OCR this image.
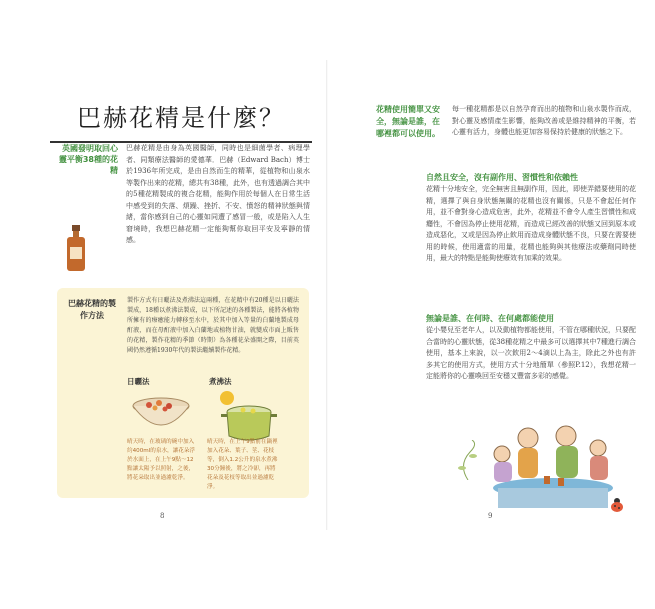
巴赫花精是什麼？
英國發明取回心靈平衡38種的花精
巴赫花精是由身為英國醫師，同時也是細菌學者、病理學者、同類療法醫師的愛德華．巴赫（Edward Bach）博士於1936年所完成，是由自然而生的精華，從植物和山泉水等製作出來的花精，總共有38種，此外，也有透過調合其中的5種花精製成的複合花精，能夠作用於每個人在日常生活中感受到的失落、煩躁、挫折、不安、憤怒的精神狀態與情緒，當你感到自己的心靈如同遭了感冒一般，或是陷入人生窘境時，我想巴赫花精一定能夠幫你取回平安及寧靜的情感。
巴赫花精的製作方法
製作方式有日曬法及煮沸法這兩種，在花精中有20種是以日曬法製成，18種以煮沸法製成，以下所記述的各種製法，能將各植物所擁有的療癒能力轉移至水中，於其中加入等量的白蘭地製成母酊液，而在母酊液中加入白蘭地或植物甘油，就變成市面上販售的花精，製作花精的季節（時期）為各種花朵盛開之際，目前英國仍然遵循1930年代的製法繼續製作花精。
日曬法	煮沸法
晴天時，在玻璃的碗中加入約400ml的泉水，讓花朵浮於水面上，在上午9點～12點讓太陽予以照射，之後，將花朵取出並過濾乾淨。
晴天時，在上午9點前在鍋裡加入花朵、葉子、莖、花枝等，倒入1.2公升的泉水煮沸30分鐘後，將之冷卻，再將花朵及花枝等取出並過濾乾淨。
8
花精使用簡單又安全，無論是誰，在哪裡都可以使用。
每一種花精都是以自然孕育而出的植物和山泉水製作而成，對心靈及感情產生影響，能夠改善或是維持精神的平衡，若心靈有活力，身體也能更加容易保持於健康的狀態之下。
自然且安全，沒有副作用、習慣性和依賴性
花精十分地安全，完全無害且無副作用，因此，即使弄錯要使用的花精，選擇了與自身狀態無關的花精也沒有關係，只是不會起任何作用，並不會對身心造成危害，此外，花精並不會令人產生習慣性和成癮性，不會因為停止使用花精，而造成已經改善的狀態又回到原本或造成惡化，又或是因為停止飲用而造成身體狀態不良，只要在需要使用的時候，使用適當的用量，花精也能夠與其他療法或藥劑同時使用，最大的特點是能夠使療效有加乘的效果。
無論是誰、在何時、在何處都能使用
從小嬰兒至老年人，以及動植物都能使用，不管在哪種狀況，只要配合當時的心靈狀態，從38種花精之中最多可以選擇其中7種進行調合使用，基本上來說，以一次飲用2～4滴以上為主，除此之外也有許多其它的使用方式，使用方式十分地簡單（參照P.12），我想花精一定能將你的心靈喚回至安穩又豐富多彩的感覺。
9
